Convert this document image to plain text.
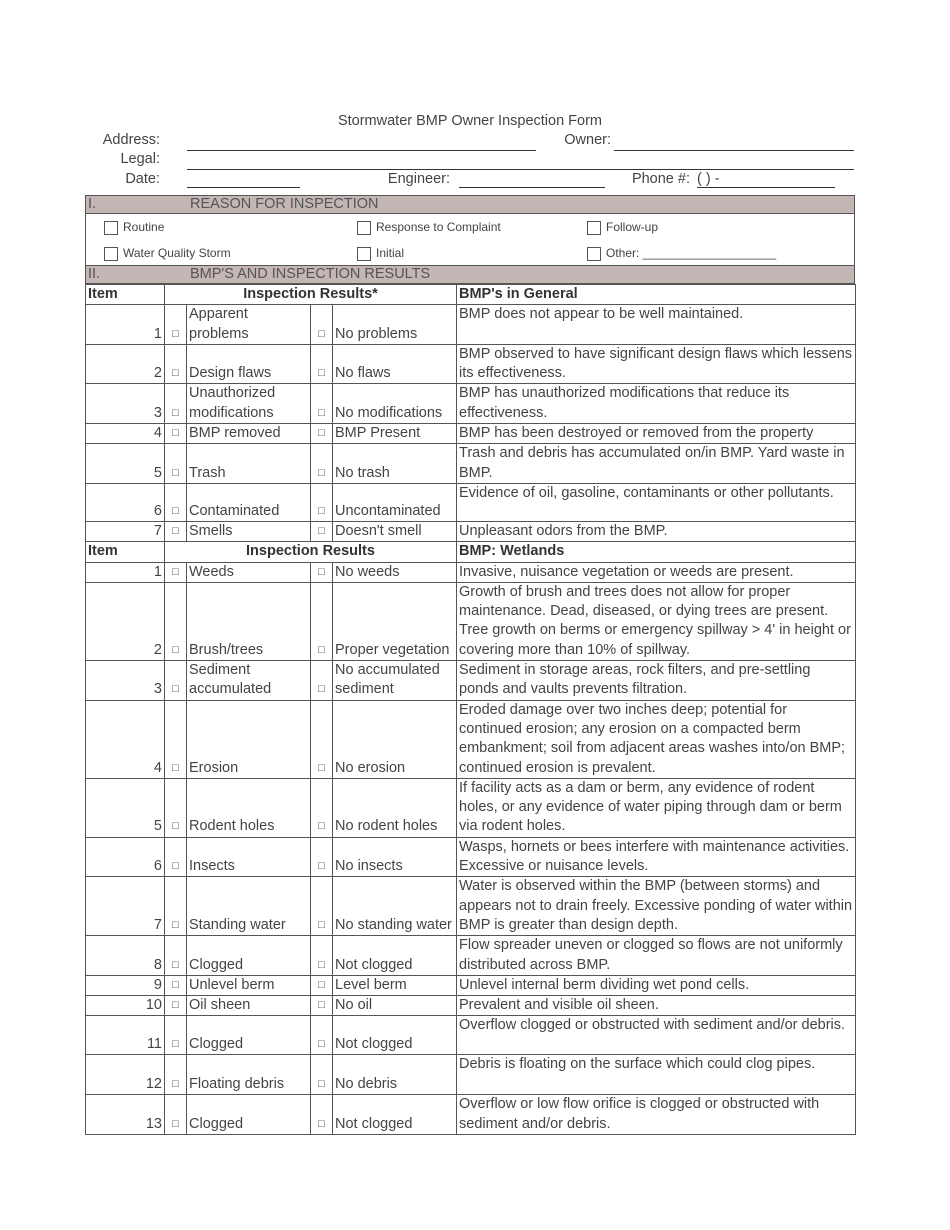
Stormwater BMP Owner Inspection Form
Address:	Owner:
Legal:
Date:	Engineer:	Phone #: ( ) -
I.	REASON FOR INSPECTION
Routine	Response to Complaint	Follow-up
Water Quality Storm	Initial	Other: ____________________
II.	BMP'S AND INSPECTION RESULTS
Item	Inspection Results*				BMP's in General
1	□	Apparent problems	□	No problems	BMP does not appear to be well maintained.
2	□	Design flaws	□	No flaws	BMP observed to have significant design flaws which lessens its effectiveness.
3	□	Unauthorized modifications	□	No modifications	BMP has unauthorized modifications that reduce its effectiveness.
4	□	BMP removed	□	BMP Present	BMP has been destroyed or removed from the property
5	□	Trash	□	No trash	Trash and debris has accumulated on/in BMP. Yard waste in BMP.
6	□	Contaminated	□	Uncontaminated	Evidence of oil, gasoline, contaminants or other pollutants.
7	□	Smells	□	Doesn't smell	Unpleasant odors from the BMP.
Item	Inspection Results				BMP: Wetlands
1	□	Weeds	□	No weeds	Invasive, nuisance vegetation or weeds are present.
2	□	Brush/trees	□	Proper vegetation	Growth of brush and trees does not allow for proper maintenance. Dead, diseased, or dying trees are present. Tree growth on berms or emergency spillway > 4' in height or covering more than 10% of spillway.
3	□	Sediment accumulated	□	No accumulated sediment	Sediment in storage areas, rock filters, and pre-settling ponds and vaults prevents filtration.
4	□	Erosion	□	No erosion	Eroded damage over two inches deep; potential for continued erosion; any erosion on a compacted berm embankment; soil from adjacent areas washes into/on BMP; continued erosion is prevalent.
5	□	Rodent holes	□	No rodent holes	If facility acts as a dam or berm, any evidence of rodent holes, or any evidence of water piping through dam or berm via rodent holes.
6	□	Insects	□	No insects	Wasps, hornets or bees interfere with maintenance activities. Excessive or nuisance levels.
7	□	Standing water	□	No standing water	Water is observed within the BMP (between storms) and appears not to drain freely. Excessive ponding of water within BMP is greater than design depth.
8	□	Clogged	□	Not clogged	Flow spreader uneven or clogged so flows are not uniformly distributed across BMP.
9	□	Unlevel berm	□	Level berm	Unlevel internal berm dividing wet pond cells.
10	□	Oil sheen	□	No oil	Prevalent and visible oil sheen.
11	□	Clogged	□	Not clogged	Overflow clogged or obstructed with sediment and/or debris.
12	□	Floating debris	□	No debris	Debris is floating on the surface which could clog pipes.
13	□	Clogged	□	Not clogged	Overflow or low flow orifice is clogged or obstructed with sediment and/or debris.
